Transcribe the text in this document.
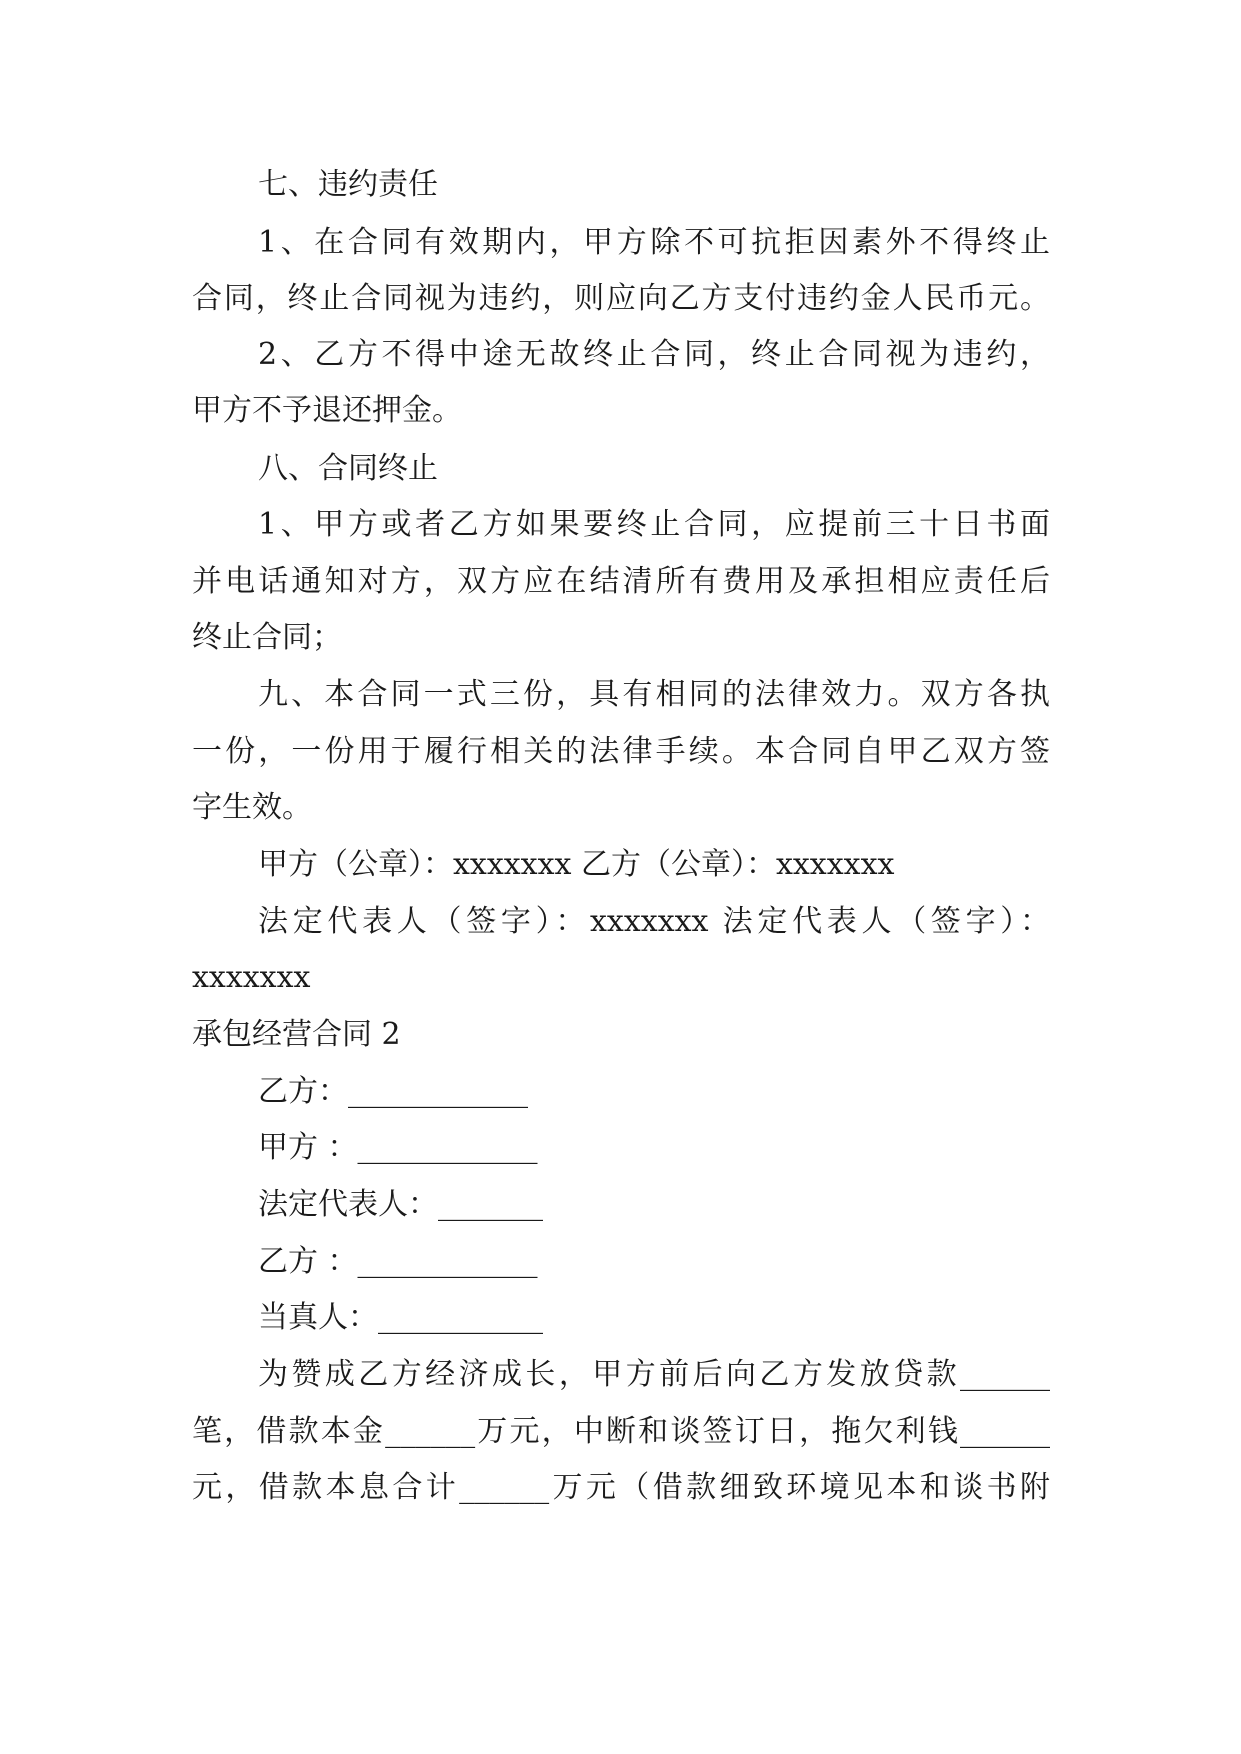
七、违约责任
1、在合同有效期内，甲方除不可抗拒因素外不得终止
合同，终止合同视为违约，则应向乙方支付违约金人民币元。
2、乙方不得中途无故终止合同，终止合同视为违约，
甲方不予退还押金。
八、合同终止
1、甲方或者乙方如果要终止合同，应提前三十日书面
并电话通知对方，双方应在结清所有费用及承担相应责任后
终止合同；
九、本合同一式三份，具有相同的法律效力。双方各执
一份，一份用于履行相关的法律手续。本合同自甲乙双方签
字生效。
甲方（公章）：xxxxxxx 乙方（公章）：xxxxxxx
法定代表人（签字）：xxxxxxx 法定代表人（签字）：
xxxxxxx
承包经营合同 2
乙方：____________
甲方 ：____________
法定代表人：_______
乙方 ：____________
当真人：___________
为赞成乙方经济成长，甲方前后向乙方发放贷款______
笔，借款本金______万元，中断和谈签订日，拖欠利钱______
元，借款本息合计______万元（借款细致环境见本和谈书附
